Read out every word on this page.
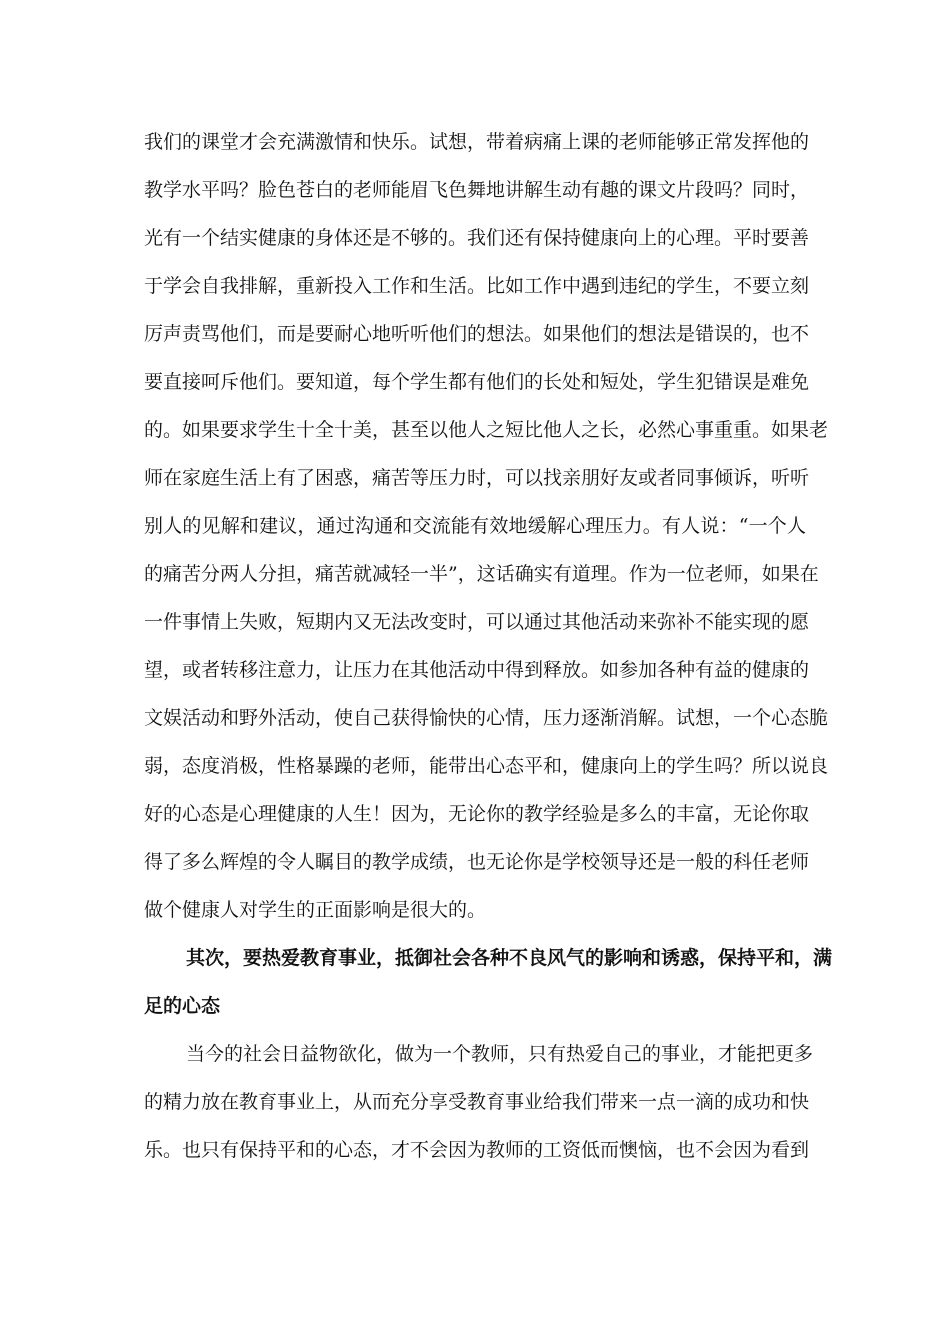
我们的课堂才会充满激情和快乐。试想，带着病痛上课的老师能够正常发挥他的
教学水平吗？脸色苍白的老师能眉飞色舞地讲解生动有趣的课文片段吗？同时，
光有一个结实健康的身体还是不够的。我们还有保持健康向上的心理。平时要善
于学会自我排解，重新投入工作和生活。比如工作中遇到违纪的学生，不要立刻
厉声责骂他们，而是要耐心地听听他们的想法。如果他们的想法是错误的，也不
要直接呵斥他们。要知道，每个学生都有他们的长处和短处，学生犯错误是难免
的。如果要求学生十全十美，甚至以他人之短比他人之长，必然心事重重。如果老
师在家庭生活上有了困惑，痛苦等压力时，可以找亲朋好友或者同事倾诉，听听
别人的见解和建议，通过沟通和交流能有效地缓解心理压力。有人说：“一个人
的痛苦分两人分担，痛苦就减轻一半”，这话确实有道理。作为一位老师，如果在
一件事情上失败，短期内又无法改变时，可以通过其他活动来弥补不能实现的愿
望，或者转移注意力，让压力在其他活动中得到释放。如参加各种有益的健康的
文娱活动和野外活动，使自己获得愉快的心情，压力逐渐消解。试想，一个心态脆
弱，态度消极，性格暴躁的老师，能带出心态平和，健康向上的学生吗？所以说良
好的心态是心理健康的人生！因为，无论你的教学经验是多么的丰富，无论你取
得了多么辉煌的令人瞩目的教学成绩，也无论你是学校领导还是一般的科任老师
做个健康人对学生的正面影响是很大的。
其次，要热爱教育事业，抵御社会各种不良风气的影响和诱惑，保持平和，满
足的心态
当今的社会日益物欲化，做为一个教师，只有热爱自己的事业，才能把更多
的精力放在教育事业上，从而充分享受教育事业给我们带来一点一滴的成功和快
乐。也只有保持平和的心态，才不会因为教师的工资低而懊恼，也不会因为看到
